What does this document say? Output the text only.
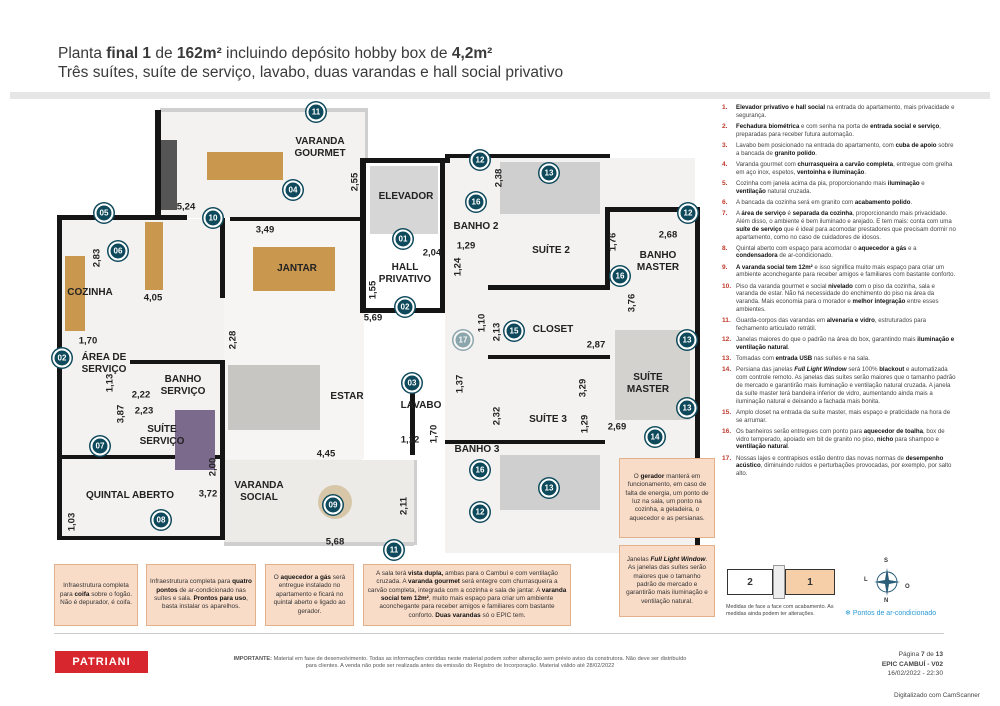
Planta final 1 de 162m² incluindo depósito hobby box de 4,2m²
Três suítes, suíte de serviço, lavabo, duas varandas e hall social privativo
VARANDA
GOURMET
ELEVADOR
BANHO 2
SUÍTE 2	BANHO
MASTER
JANTAR	HALL
PRIVATIVO
COZINHA
CLOSET
ÁREA DE
SERVIÇO
SUÍTE
MASTER
BANHO
SERVIÇO	ESTAR
LAVABO
SUÍTE
SERVIÇO
SUÍTE 3
BANHO 3
VARANDA
SOCIAL
QUINTAL ABERTO
5,24
2,55
3,49
2,38
2,04
1,29	1,76	2,68
2,83
4,05
1,24
1,55
5,69
3,76
1,10 2,13
2,87
1,70	2,28
1,13
2,22
3,87 2,23
1,37
2,32
3,29
1,29 2,69
1,12 1,70
4,45
2,00
3,72
1,03
2,11
5,68
11
04
05
10
06
01
02
02
07
08
03
12
16
13
12
16
15
13
13
14
16
13
12
09
11
17
1.	Elevador privativo e hall social na entrada do apartamento, mais privacidade e segurança.
2.	Fechadura biométrica e com senha na porta de entrada social e serviço, preparadas para receber futura automação.
3.	Lavabo bem posicionado na entrada do apartamento, com cuba de apoio sobre a bancada de granito polido.
4.	Varanda gourmet com churrasqueira a carvão completa, entregue com grelha em aço inox, espetos, ventoinha e iluminação.
5.	Cozinha com janela acima da pia, proporcionando mais iluminação e ventilação natural cruzada.
6.	A bancada da cozinha será em granito com acabamento polido.
7.	A área de serviço é separada da cozinha, proporcionando mais privacidade. Além disso, o ambiente é bem iluminado e arejado. E tem mais: conta com uma suíte de serviço que é ideal para acomodar prestadores que precisam dormir no apartamento, como no caso de cuidadores de idosos.
8.	Quintal aberto com espaço para acomodar o aquecedor a gás e a condensadora de ar-condicionado.
9.	A varanda social tem 12m² e isso significa muito mais espaço para criar um ambiente aconchegante para receber amigos e familiares com bastante conforto.
10. Piso da varanda gourmet e social nivelado com o piso da cozinha, sala e varanda de estar. Não há necessidade do enchimento do piso na área da varanda. Mais economia para o morador e melhor integração entre esses ambientes.
11. Guarda-corpos das varandas em alvenaria e vidro, estruturados para fechamento articulado retrátil.
12. Janelas maiores do que o padrão na área do box, garantindo mais iluminação e ventilação natural.
13. Tomadas com entrada USB nas suítes e na sala.
14. Persiana das janelas Full Light Window será 100% blackout e automatizada com controle remoto. As janelas das suítes serão maiores que o tamanho padrão de mercado e garantirão mais iluminação e ventilação natural cruzada. A janela da suíte master terá bandeira inferior de vidro, aumentando ainda mais a iluminação natural e deixando a fachada mais bonita.
15. Amplo closet na entrada da suíte master, mais espaço e praticidade na hora de se arrumar.
16. Os banheiros serão entregues com ponto para aquecedor de toalha, box de vidro temperado, apoiado em bit de granito no piso, nicho para shampoo e ventilação natural.
17. Nossas lajes e contrapisos estão dentro das novas normas de desempenho acústico, diminuindo ruídos e perturbações provocadas, por exemplo, por salto alto.
Infraestrutura completa para coifa sobre o fogão. Não é depurador, é coifa.
Infraestrutura completa para quatro pontos de ar-condicionado nas suítes e sala. Prontos para uso, basta instalar os aparelhos.
O aquecedor a gás será entregue instalado no apartamento e ficará no quintal aberto e ligado ao gerador.
A sala terá vista dupla, ambas para o Cambuí e com ventilação cruzada. A varanda gourmet será entegre com churrasqueira a carvão completa, integrada com a cozinha e sala de jantar. A varanda social tem 12m², muito mais espaço para criar um ambiente aconchegante para receber amigos e familiares com bastante conforto. Duas varandas só o EPIC tem.
O gerador manterá em funcionamento, em caso de falta de energia, um ponto de luz na sala, um ponto na cozinha, a geladeira, o aquecedor e as persianas.
Janelas Full Light Window. As janelas das suítes serão maiores que o tamanho padrão de mercado e garantirão mais iluminação e ventilação natural.
2	1
S
L
O
N
Medidas de face a face com acabamento. As medidas ainda podem ter alterações.	❄ Pontos de ar-condicionado
PATRIANI	IMPORTANTE: Material em fase de desenvolvimento. Todas as informações contidas neste material podem sofrer alteração sem prévio aviso da construtora. Não deve ser distribuído para clientes. A venda não pode ser realizada antes da emissão do Registro de Incorporação. Material válido até 28/02/2022
Página 7 de 13
EPIC CAMBUÍ - V02
16/02/2022 - 22:30
Digitalizado com CamScanner
